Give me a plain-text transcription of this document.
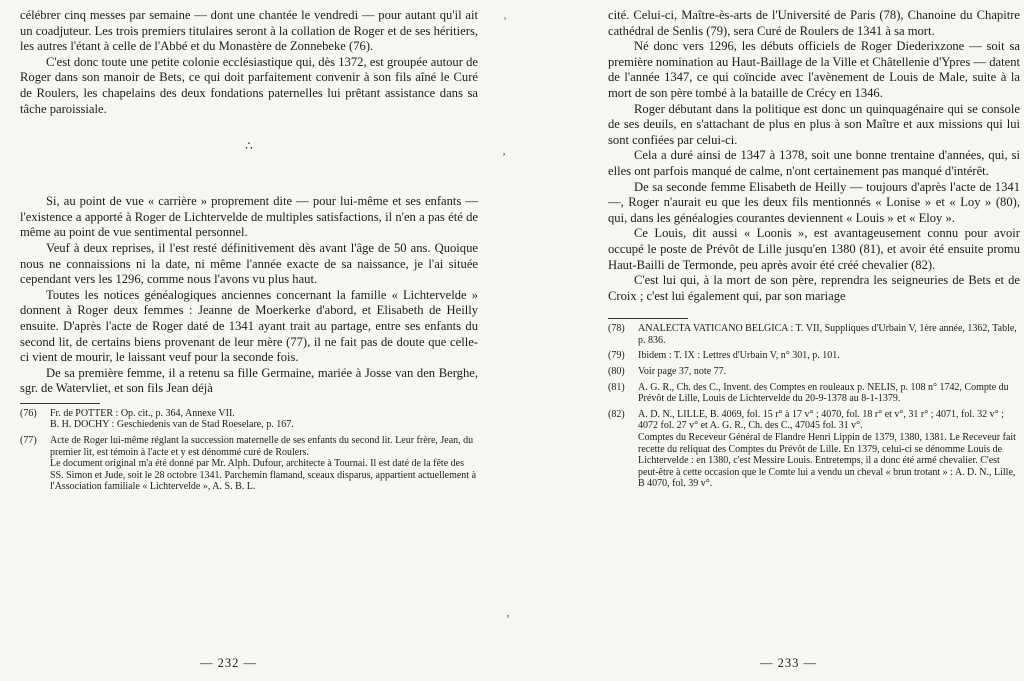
célébrer cinq messes par semaine — dont une chantée le vendredi — pour autant qu'il ait un coadjuteur. Les trois premiers titulaires seront à la collation de Roger et de ses héritiers, les autres l'étant à celle de l'Abbé et du Monastère de Zonnebeke (76).

C'est donc toute une petite colonie ecclésiastique qui, dès 1372, est groupée autour de Roger dans son manoir de Bets, ce qui doit parfaitement convenir à son fils aîné le Curé de Roulers, les chapelains des deux fondations paternelles lui prêtant assistance dans sa tâche paroissiale.

∴

Si, au point de vue « carrière » proprement dite — pour lui-même et ses enfants — l'existence a apporté à Roger de Lichtervelde de multiples satisfactions, il n'en a pas été de même au point de vue sentimental personnel.

Veuf à deux reprises, il l'est resté définitivement dès avant l'âge de 50 ans. Quoique nous ne connaissions ni la date, ni même l'année exacte de sa naissance, je l'ai située cependant vers les 1296, comme nous l'avons vu plus haut.

Toutes les notices généalogiques anciennes concernant la famille « Lichtervelde » donnent à Roger deux femmes : Jeanne de Moerkerke d'abord, et Elisabeth de Heilly ensuite. D'après l'acte de Roger daté de 1341 ayant trait au partage, entre ses enfants du second lit, de certains biens provenant de leur mère (77), il ne fait pas de doute que celle-ci vient de mourir, le laissant veuf pour la seconde fois.

De sa première femme, il a retenu sa fille Germaine, mariée à Josse van den Berghe, sgr. de Watervliet, et son fils Jean déjà

(76)	Fr. de POTTER : Op. cit., p. 364, Annexe VII.
B. H. DOCHY : Geschiedenis van de Stad Roeselare, p. 167.
(77)	Acte de Roger lui-même réglant la succession maternelle de ses enfants du second lit. Leur frère, Jean, du premier lit, est témoin à l'acte et y est dénommé curé de Roulers.
Le document original m'a été donné par Mr. Alph. Dufour, architecte à Tournai. Il est daté de la fête des SS. Simon et Jude, soit le 28 octobre 1341. Parchemin flamand, sceaux disparus, appartient actuellement à l'Association familiale « Lichtervelde », A. S. B. L.
— 232 —
'
ʼ
ʼ

cité. Celui-ci, Maître-ès-arts de l'Université de Paris (78), Chanoine du Chapitre cathédral de Senlis (79), sera Curé de Roulers de 1341 à sa mort.

Né donc vers 1296, les débuts officiels de Roger Diederixzone — soit sa première nomination au Haut-Baillage de la Ville et Châtellenie d'Ypres — datent de l'année 1347, ce qui coïncide avec l'avènement de Louis de Male, suite à la mort de son père tombé à la bataille de Crécy en 1346.

Roger débutant dans la politique est donc un quinquagénaire qui se console de ses deuils, en s'attachant de plus en plus à son Maître et aux missions qui lui sont confiées par celui-ci.

Cela a duré ainsi de 1347 à 1378, soit une bonne trentaine d'années, qui, si elles ont parfois manqué de calme, n'ont certainement pas manqué d'intérêt.

De sa seconde femme Elisabeth de Heilly — toujours d'après l'acte de 1341 —, Roger n'aurait eu que les deux fils mentionnés « Lonise » et « Loy » (80), qui, dans les généalogies courantes deviennent « Louis » et « Eloy ».

Ce Louis, dit aussi « Loonis », est avantageusement connu pour avoir occupé le poste de Prévôt de Lille jusqu'en 1380 (81), et avoir été ensuite promu Haut-Bailli de Termonde, peu après avoir été créé chevalier (82).

C'est lui qui, à la mort de son père, reprendra les seigneuries de Bets et de Croix ; c'est lui également qui, par son mariage

(78)	ANALECTA VATICANO BELGICA : T. VII, Suppliques d'Urbain V, 1ère année, 1362, Table, p. 836.
(79)	Ibidem : T. IX : Lettres d'Urbain V, n° 301, p. 101.
(80)	Voir page 37, note 77.
(81)	A. G. R., Ch. des C., Invent. des Comptes en rouleaux p. NELIS, p. 108 n° 1742, Compte du Prévôt de Lille, Louis de Lichtervelde du 20-9-1378 au 8-1-1379.
(82)	A. D. N., LILLE, B. 4069, fol. 15 r° à 17 v° ; 4070, fol. 18 r° et v°, 31 r° ; 4071, fol. 32 v° ; 4072 fol. 27 v° et A. G. R., Ch. des C., 47045 fol. 31 v°.
Comptes du Receveur Général de Flandre Henri Lippin de 1379, 1380, 1381. Le Receveur fait recette du reliquat des Comptes du Prévôt de Lille. En 1379, celui-ci se dénomme Louis de Lichtervelde : en 1380, c'est Messire Louis. Entretemps, il a donc été armé chevalier. C'est peut-être à cette occasion que le Comte lui a vendu un cheval « brun trotant » : A. D. N., Lille, B 4070, fol. 39 v°.
— 233 —
